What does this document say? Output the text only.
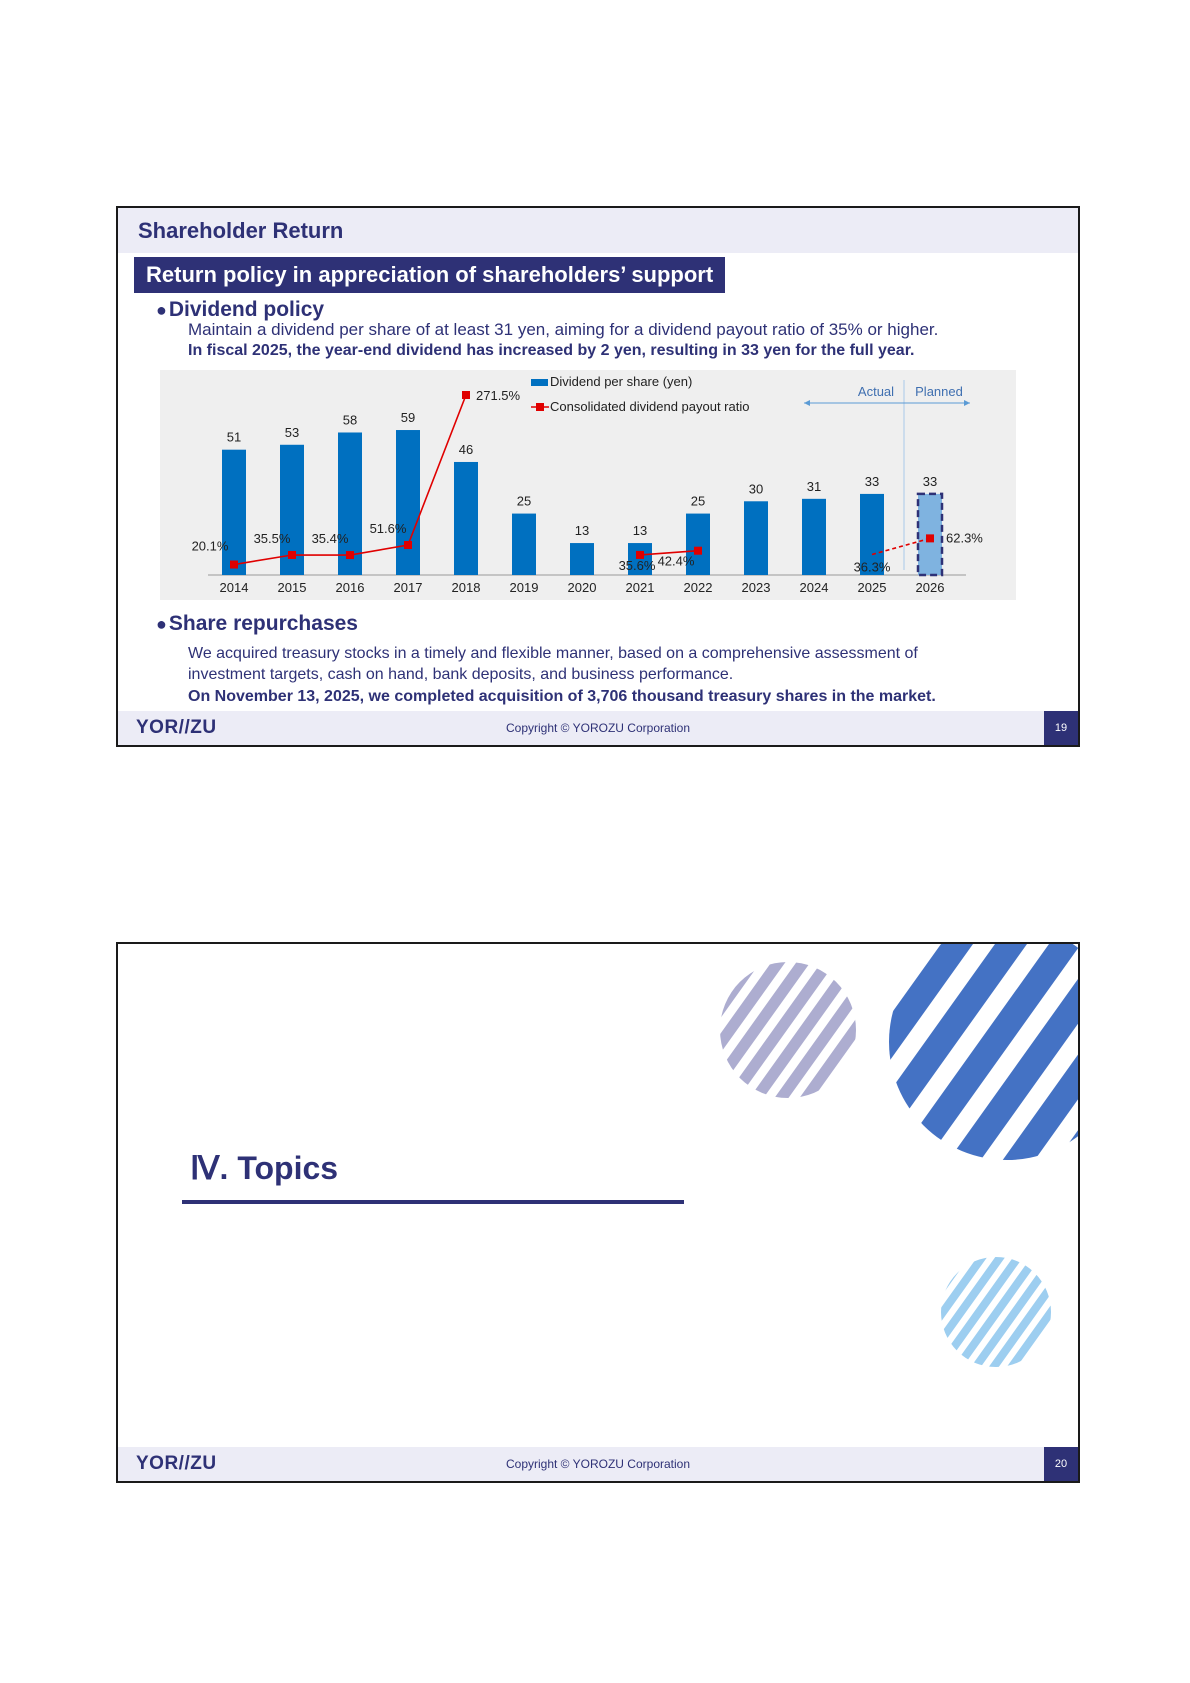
Shareholder Return
Return policy in appreciation of shareholders’ support
●Dividend policy
Maintain a dividend per share of at least 31 yen, aiming for a dividend payout ratio of 35% or higher.
In fiscal 2025, the year-end dividend has increased by 2 yen, resulting in 33 yen for the full year.
51
2014
53
2015
58
2016
59
2017
46
2018
25
2019
13
2020
13
2021
25
2022
30
2023
31
2024
33
2025
33
2026
20.1%
35.5% 35.4%
51.6%
271.5%
35.6% 42.4%	36.3%
62.3%
Dividend per share (yen)
Consolidated dividend payout ratio
Actual Planned
●Share repurchases
We acquired treasury stocks in a timely and flexible manner, based on a comprehensive assessment of
investment targets, cash on hand, bank deposits, and business performance.
On November 13, 2025, we completed acquisition of 3,706 thousand treasury shares in the market.
YOR//ZU	Copyright © YOROZU Corporation	19
Ⅳ. Topics
YOR//ZU	Copyright © YOROZU Corporation	20
